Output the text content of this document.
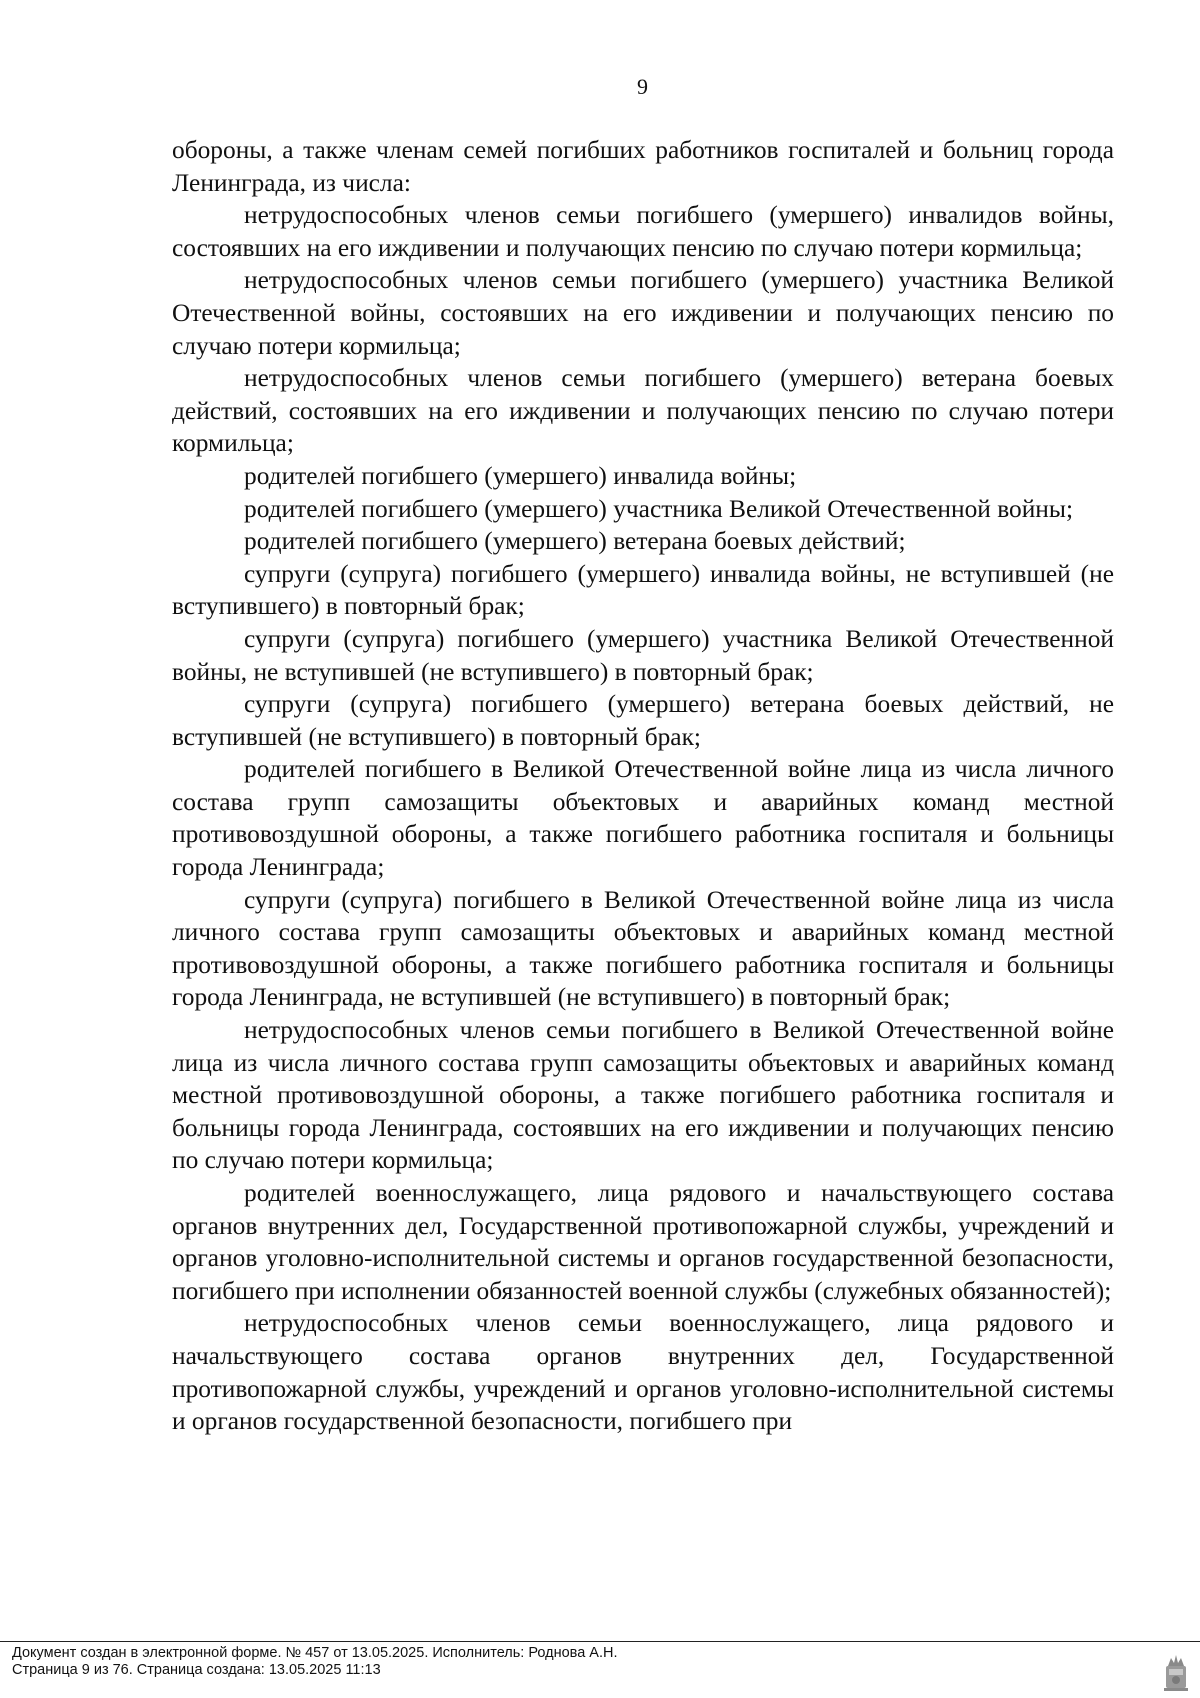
9

обороны, а также членам семей погибших работников госпиталей и больниц города Ленинграда, из числа:

нетрудоспособных членов семьи погибшего (умершего) инвалидов войны, состоявших на его иждивении и получающих пенсию по случаю потери кормильца;

нетрудоспособных членов семьи погибшего (умершего) участника Великой Отечественной войны, состоявших на его иждивении и получающих пенсию по случаю потери кормильца;

нетрудоспособных членов семьи погибшего (умершего) ветерана боевых действий, состоявших на его иждивении и получающих пенсию по случаю потери кормильца;

родителей погибшего (умершего) инвалида войны;

родителей погибшего (умершего) участника Великой Отечественной войны;

родителей погибшего (умершего) ветерана боевых действий;

супруги (супруга) погибшего (умершего) инвалида войны, не вступившей (не вступившего) в повторный брак;

супруги (супруга) погибшего (умершего) участника Великой Отечественной войны, не вступившей (не вступившего) в повторный брак;

супруги (супруга) погибшего (умершего) ветерана боевых действий, не вступившей (не вступившего) в повторный брак;

родителей погибшего в Великой Отечественной войне лица из числа личного состава групп самозащиты объектовых и аварийных команд местной противовоздушной обороны, а также погибшего работника госпиталя и больницы города Ленинграда;

супруги (супруга) погибшего в Великой Отечественной войне лица из числа личного состава групп самозащиты объектовых и аварийных команд местной противовоздушной обороны, а также погибшего работника госпиталя и больницы города Ленинграда, не вступившей (не вступившего) в повторный брак;

нетрудоспособных членов семьи погибшего в Великой Отечественной войне лица из числа личного состава групп самозащиты объектовых и аварийных команд местной противовоздушной обороны, а также погибшего работника госпиталя и больницы города Ленинграда, состоявших на его иждивении и получающих пенсию по случаю потери кормильца;

родителей военнослужащего, лица рядового и начальствующего состава органов внутренних дел, Государственной противопожарной службы, учреждений и органов уголовно-исполнительной системы и органов государственной безопасности, погибшего при исполнении обязанностей военной службы (служебных обязанностей);

нетрудоспособных членов семьи военнослужащего, лица рядового и начальствующего состава органов внутренних дел, Государственной противопожарной службы, учреждений и органов уголовно-исполнительной системы и органов государственной безопасности, погибшего при

Документ создан в электронной форме. № 457 от 13.05.2025. Исполнитель: Роднова А.Н.
Страница 9 из 76. Страница создана: 13.05.2025 11:13
